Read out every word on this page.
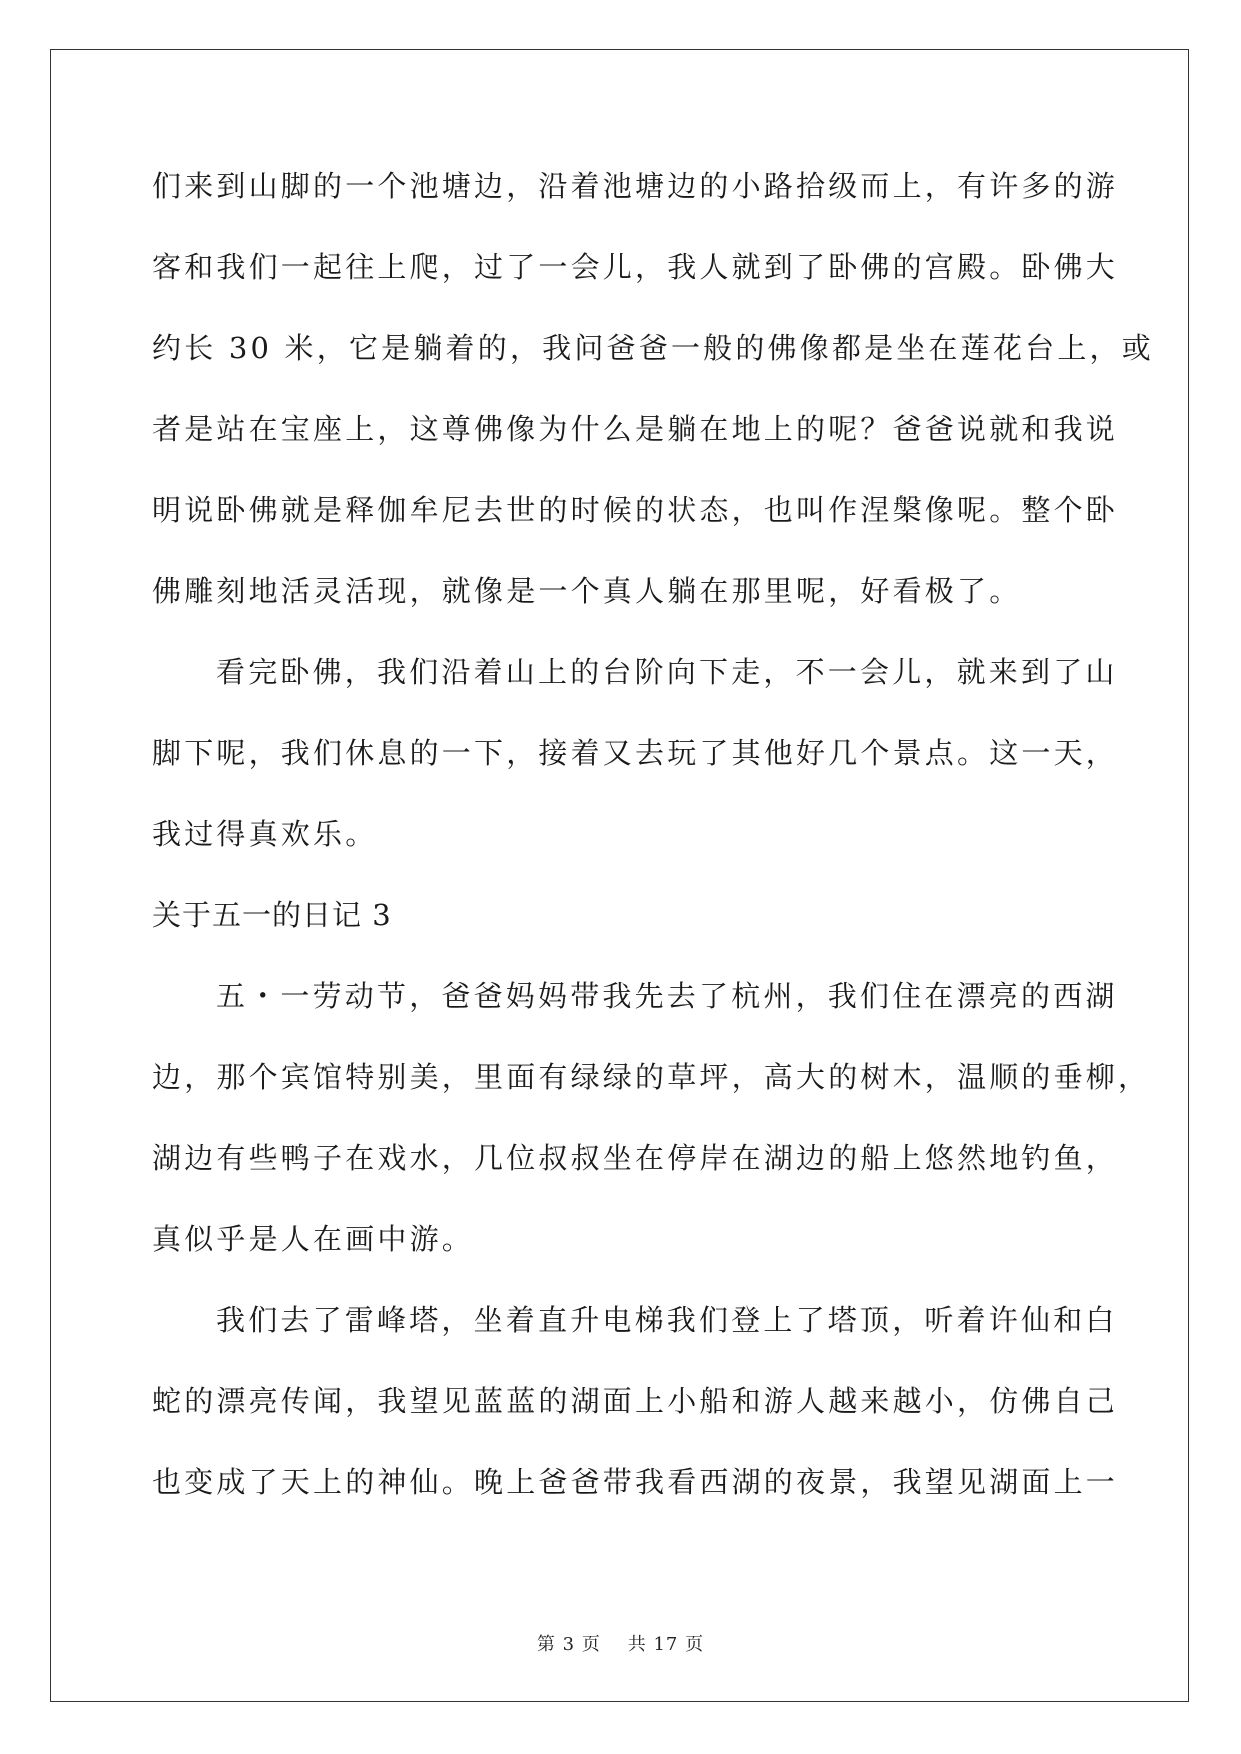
们来到山脚的一个池塘边，沿着池塘边的小路拾级而上，有许多的游
客和我们一起往上爬，过了一会儿，我人就到了卧佛的宫殿。卧佛大
约长 30 米，它是躺着的，我问爸爸一般的佛像都是坐在莲花台上，或
者是站在宝座上，这尊佛像为什么是躺在地上的呢？爸爸说就和我说
明说卧佛就是释伽牟尼去世的时候的状态，也叫作涅槃像呢。整个卧
佛雕刻地活灵活现，就像是一个真人躺在那里呢，好看极了。
看完卧佛，我们沿着山上的台阶向下走，不一会儿，就来到了山
脚下呢，我们休息的一下，接着又去玩了其他好几个景点。这一天，
我过得真欢乐。
关于五一的日记 3
五・一劳动节，爸爸妈妈带我先去了杭州，我们住在漂亮的西湖
边，那个宾馆特别美，里面有绿绿的草坪，高大的树木，温顺的垂柳，
湖边有些鸭子在戏水，几位叔叔坐在停岸在湖边的船上悠然地钓鱼，
真似乎是人在画中游。
我们去了雷峰塔，坐着直升电梯我们登上了塔顶，听着许仙和白
蛇的漂亮传闻，我望见蓝蓝的湖面上小船和游人越来越小，仿佛自己
也变成了天上的神仙。晚上爸爸带我看西湖的夜景，我望见湖面上一
第 3 页 共 17 页
